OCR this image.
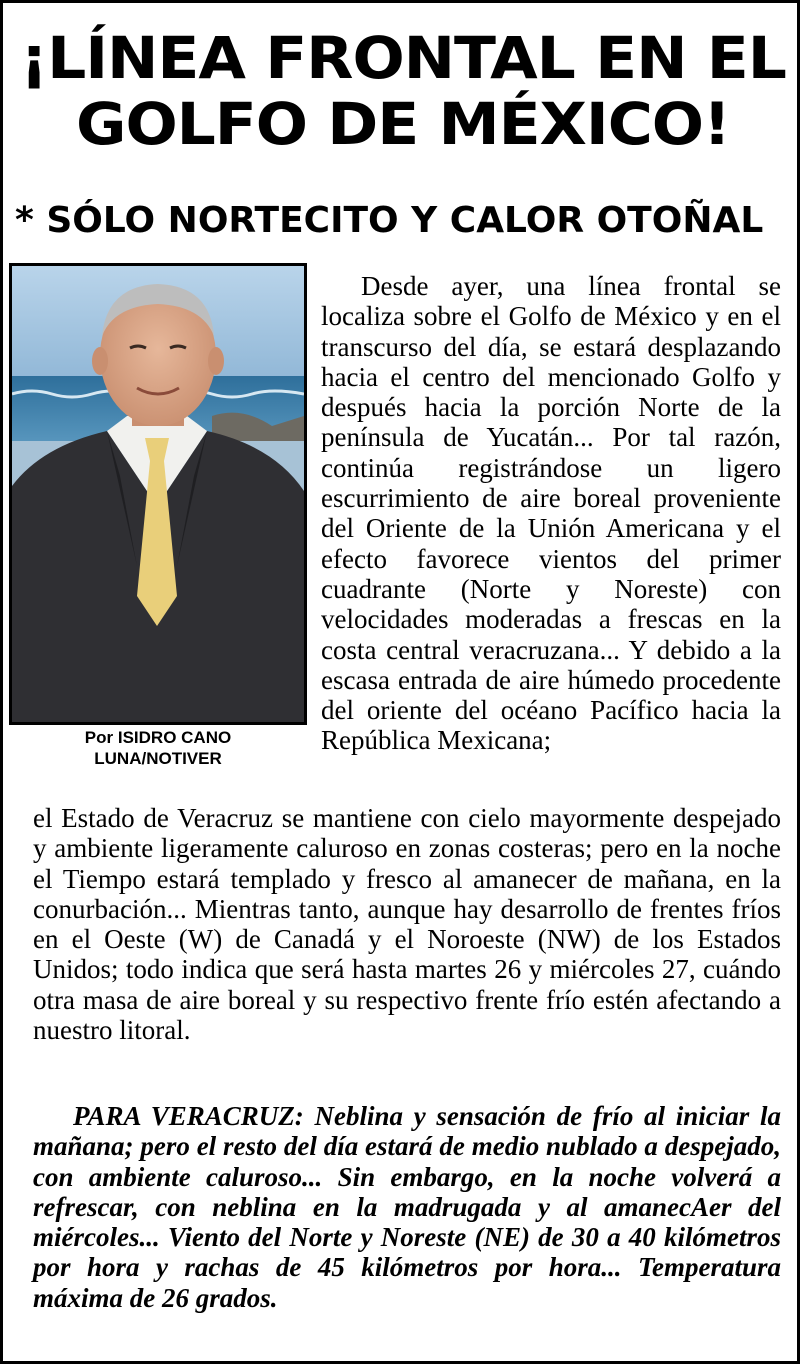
¡LÍNEA FRONTAL EN EL
GOLFO DE MÉXICO!
* SÓLO NORTECITO Y CALOR OTOÑAL

Por ISIDRO CANO
LUNA/NOTIVER

Desde ayer, una línea frontal se localiza sobre el Golfo de México y en el transcurso del día, se estará desplazando hacia el centro del mencionado Golfo y después hacia la porción Norte de la península de Yucatán... Por tal razón, continúa registrándose un ligero escurrimiento de aire boreal proveniente del Oriente de la Unión Americana y el efecto favorece vientos del primer cuadrante (Norte y Noreste) con velocidades moderadas a frescas en la costa central veracruzana... Y debido a la escasa entrada de aire húmedo procedente del oriente del océano Pacífico hacia la República Mexicana;

el Estado de Veracruz se mantiene con cielo mayormente despejado y ambiente ligeramente caluroso en zonas costeras; pero en la noche el Tiempo estará templado y fresco al amanecer de mañana, en la conurbación... Mientras tanto, aunque hay desarrollo de frentes fríos en el Oeste (W) de Canadá y el Noroeste (NW) de los Estados Unidos; todo indica que será hasta martes 26 y miércoles 27, cuándo otra masa de aire boreal y su respectivo frente frío estén afectando a nuestro litoral.

PARA VERACRUZ: Neblina y sensación de frío al iniciar la mañana; pero el resto del día estará de medio nublado a despejado, con ambiente caluroso... Sin embargo, en la noche volverá a refrescar, con neblina en la madrugada y al amanecAer del miércoles... Viento del Norte y Noreste (NE) de 30 a 40 kilómetros por hora y rachas de 45 kilómetros por hora... Temperatura máxima de 26 grados.
